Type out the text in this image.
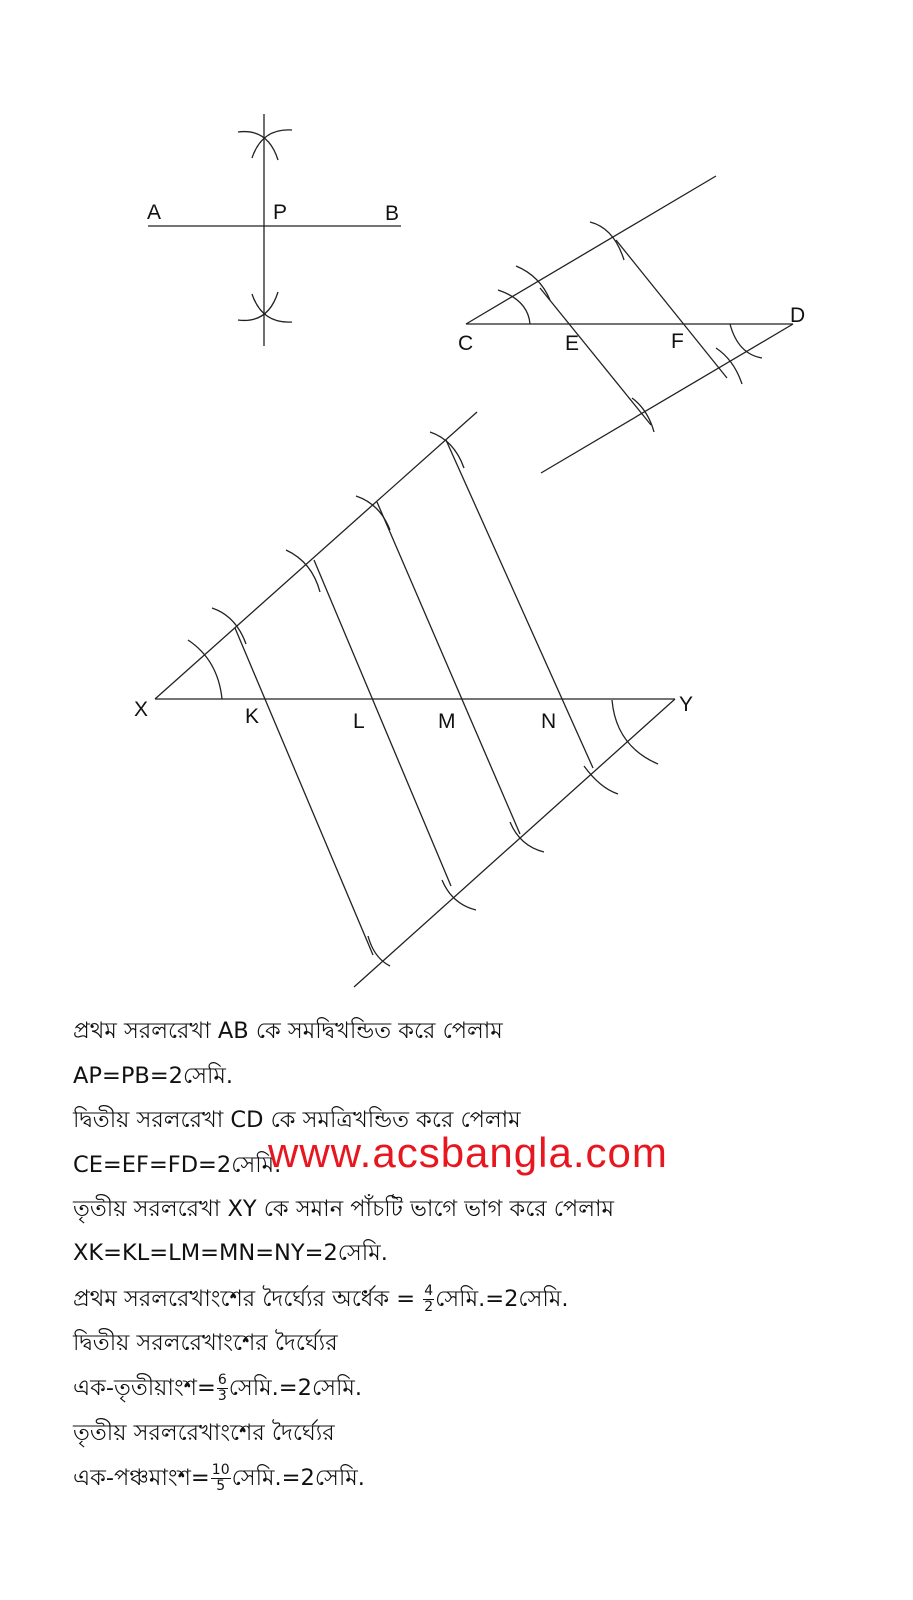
A	P	B
C	E	F
D
X	K	L	M	N
Y
প্রথম সরলরেখা AB কে সমদ্বিখন্ডিত করে পেলাম
AP=PB=2সেমি.
দ্বিতীয় সরলরেখা CD কে সমত্রিখন্ডিত করে পেলাম
CE=EF=FD=2সেমি.
তৃতীয় সরলরেখা XY কে সমান পাঁচটি ভাগে ভাগ করে পেলাম
XK=KL=LM=MN=NY=2সেমি.
প্রথম সরলরেখাংশের দৈর্ঘ্যের অর্ধেক = $\frac{4}{2}$ সেমি.=2সেমি.
দ্বিতীয় সরলরেখাংশের দৈর্ঘ্যের
এক-তৃতীয়াংশ= $\frac{6}{3}$ সেমি.=2সেমি.
তৃতীয় সরলরেখাংশের দৈর্ঘ্যের
এক-পঞ্চমাংশ= $\frac{10}{5}$ সেমি.=2সেমি.
www.acsbangla.com
